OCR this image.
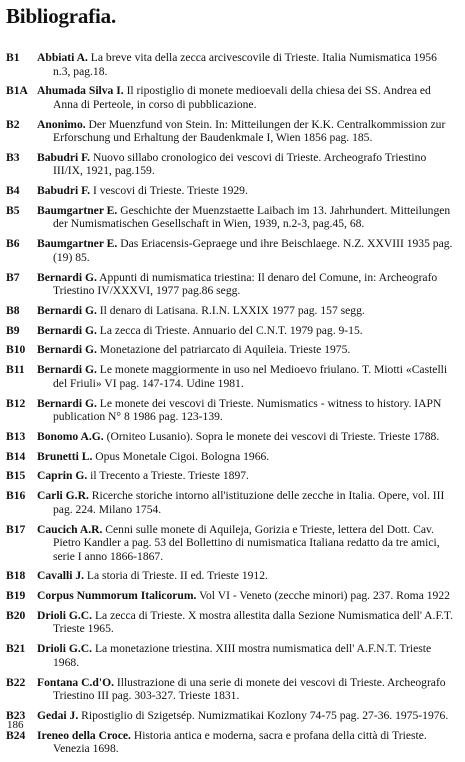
Bibliografia.
B1	Abbiati A. La breve vita della zecca arcivescovile di Trieste. Italia Numismatica 1956
n.3, pag.18.
B1A Ahumada Silva I. Il ripostiglio di monete medioevali della chiesa dei SS. Andrea ed
Anna di Perteole, in corso di pubblicazione.
B2	Anonimo. Der Muenzfund von Stein. In: Mitteilungen der K.K. Centralkommission zur
Erforschung und Erhaltung der Baudenkmale I, Wien 1856 pag. 185.
B3	Babudri F. Nuovo sillabo cronologico dei vescovi di Trieste. Archeografo Triestino
III/IX, 1921, pag.159.
B4	Babudri F. I vescovi di Trieste. Trieste 1929.
B5	Baumgartner E. Geschichte der Muenzstaette Laibach im 13. Jahrhundert. Mitteilungen
der Numismatischen Gesellschaft in Wien, 1939, n.2-3, pag.45, 68.
B6	Baumgartner E. Das Eriacensis-Gepraege und ihre Beischlaege. N.Z. XXVIII 1935 pag.
(19) 85.
B7	Bernardi G. Appunti di numismatica triestina: Il denaro del Comune, in: Archeografo
Triestino IV/XXXVI, 1977 pag.86 segg.
B8	Bernardi G. Il denaro di Latisana. R.I.N. LXXIX 1977 pag. 157 segg.
B9	Bernardi G. La zecca di Trieste. Annuario del C.N.T. 1979 pag. 9-15.
B10	Bernardi G. Monetazione del patriarcato di Aquileia. Trieste 1975.
B11	Bernardi G. Le monete maggiormente in uso nel Medioevo friulano. T. Miotti «Castelli
del Friuli» VI pag. 147-174. Udine 1981.
B12	Bernardi G. Le monete dei vescovi di Trieste. Numismatics - witness to history. IAPN
publication N° 8 1986 pag. 123-139.
B13	Bonomo A.G. (Orniteo Lusanio). Sopra le monete dei vescovi di Trieste. Trieste 1788.
B14	Brunetti L. Opus Monetale Cigoi. Bologna 1966.
B15	Caprin G. il Trecento a Trieste. Trieste 1897.
B16	Carli G.R. Ricerche storiche intorno all'istituzione delle zecche in Italia. Opere, vol. III
pag. 224. Milano 1754.
B17	Caucich A.R. Cenni sulle monete di Aquileja, Gorizia e Trieste, lettera del Dott. Cav.
Pietro Kandler a pag. 53 del Bollettino di numismatica Italiana redatto da tre amici, serie I anno 1866-1867.
B18	Cavalli J. La storia di Trieste. II ed. Trieste 1912.
B19	Corpus Nummorum Italicorum. Vol VI - Veneto (zecche minori) pag. 237. Roma 1922
B20	Drioli G.C. La zecca di Trieste. X mostra allestita dalla Sezione Numismatica dell' A.F.T.
Trieste 1965.
B21	Drioli G.C. La monetazione triestina. XIII mostra numismatica dell' A.F.N.T. Trieste
1968.
B22	Fontana C.d'O. Illustrazione di una serie di monete dei vescovi di Trieste. Archeografo
Triestino III pag. 303-327. Trieste 1831.
B23	Gedai J. Ripostiglio di Szigetsép. Numizmatikai Kozlony 74-75 pag. 27-36. 1975-1976.
B24	Ireneo della Croce. Historia antica e moderna, sacra e profana della città di Trieste.
Venezia 1698.
186
